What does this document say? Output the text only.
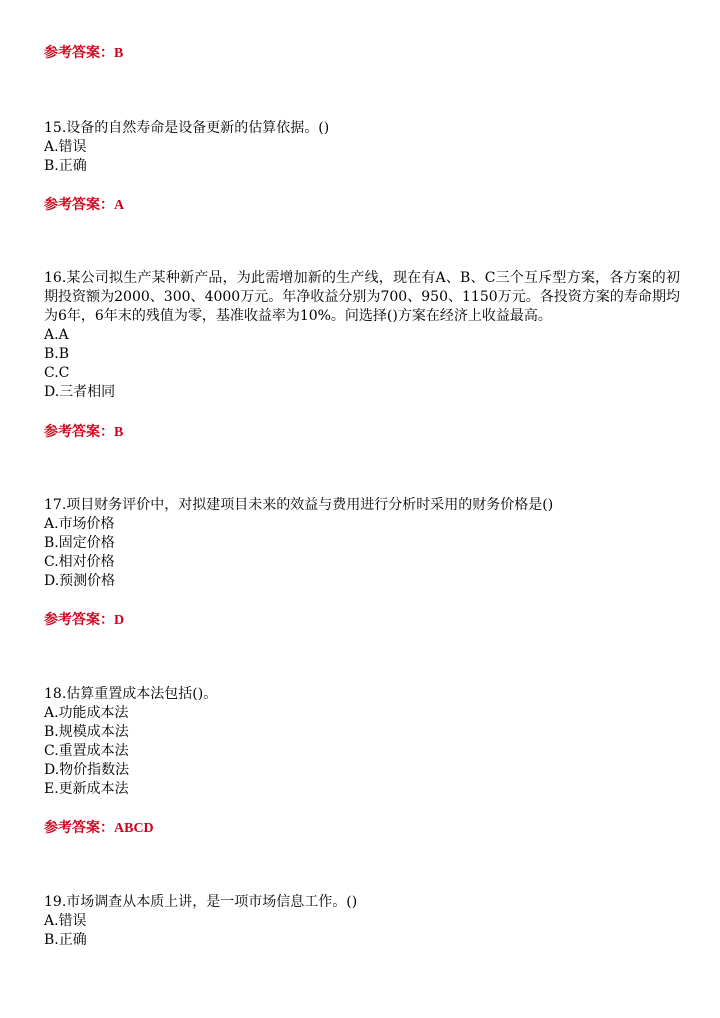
参考答案：B
15.设备的自然寿命是设备更新的估算依据。()
A.错误
B.正确
参考答案：A
16.某公司拟生产某种新产品，为此需增加新的生产线，现在有A、B、C三个互斥型方案，各方案的初期投资额为2000、300、4000万元。年净收益分别为700、950、1150万元。各投资方案的寿命期均为6年，6年末的残值为零，基准收益率为10%。问选择()方案在经济上收益最高。
A.A
B.B
C.C
D.三者相同
参考答案：B
17.项目财务评价中，对拟建项目未来的效益与费用进行分析时采用的财务价格是()
A.市场价格
B.固定价格
C.相对价格
D.预测价格
参考答案：D
18.估算重置成本法包括()。
A.功能成本法
B.规模成本法
C.重置成本法
D.物价指数法
E.更新成本法
参考答案：ABCD
19.市场调查从本质上讲，是一项市场信息工作。()
A.错误
B.正确
